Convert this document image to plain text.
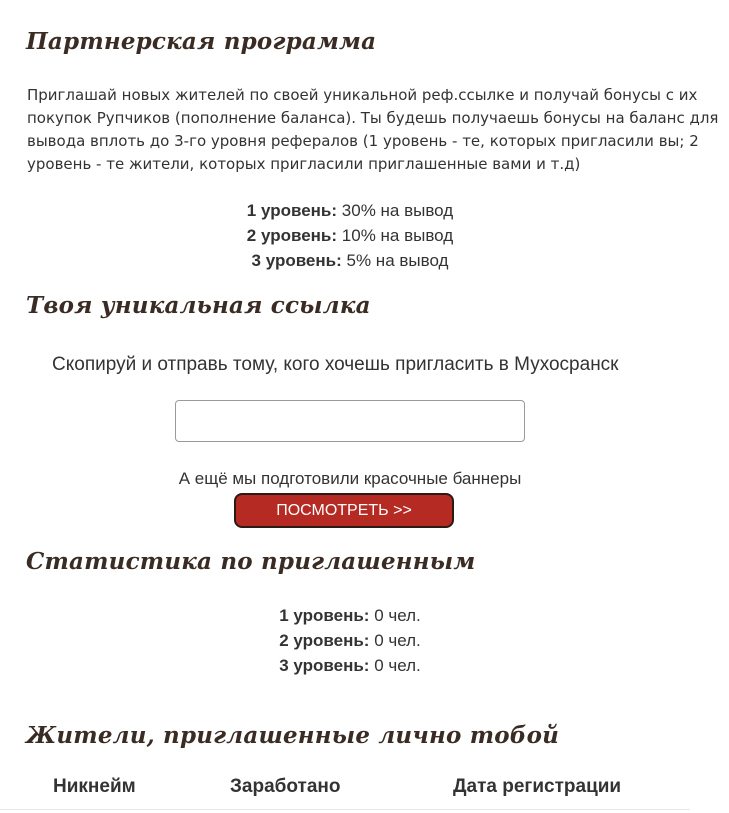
Партнерская программа

Приглашай новых жителей по своей уникальной реф.ссылке и получай бонусы с их покупок Рупчиков (пополнение баланса). Ты будешь получаешь бонусы на баланс для вывода вплоть до 3-го уровня рефералов (1 уровень - те, которых пригласили вы; 2 уровень - те жители, которых пригласили приглашенные вами и т.д)

1 уровень: 30% на вывод
2 уровень: 10% на вывод
3 уровень: 5% на вывод
Твоя уникальная ссылка
Скопируй и отправь тому, кого хочешь пригласить в Мухосранск
А ещё мы подготовили красочные баннеры
ПОСМОТРЕТЬ >>
Статистика по приглашенным
1 уровень: 0 чел.
2 уровень: 0 чел.
3 уровень: 0 чел.
Жители, приглашенные лично тобой
Никнейм	Заработано	Дата регистрации
